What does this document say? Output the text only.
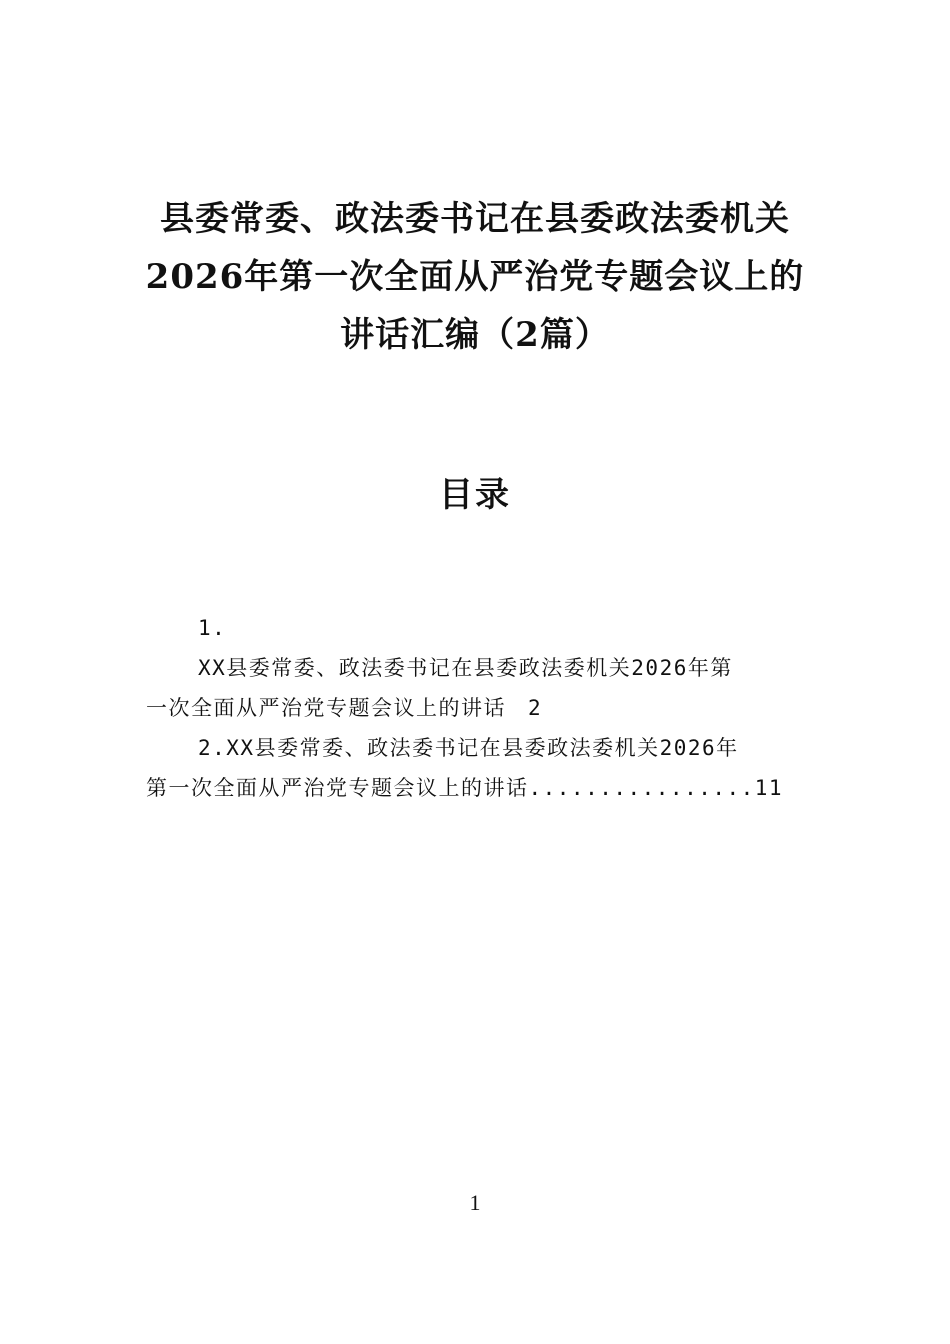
县委常委、政法委书记在县委政法委机关
2026年第一次全面从严治党专题会议上的
讲话汇编（2篇）
目录
1.
XX县委常委、政法委书记在县委政法委机关2026年第
一次全面从严治党专题会议上的讲话 2
2.XX县委常委、政法委书记在县委政法委机关2026年
第一次全面从严治党专题会议上的讲话................11
1
